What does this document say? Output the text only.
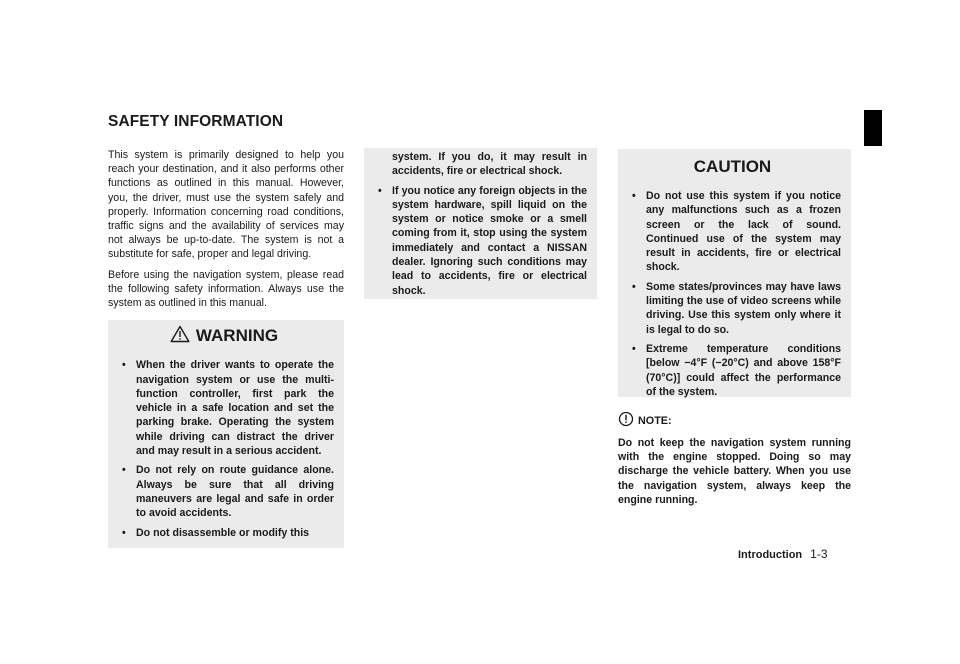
SAFETY INFORMATION

This system is primarily designed to help you reach your destination, and it also performs other functions as outlined in this manual. However, you, the driver, must use the system safely and properly. Information concerning road conditions, traffic signs and the availability of services may not always be up-to-date. The system is not a substitute for safe, proper and legal driving.

Before using the navigation system, please read the following safety information. Always use the system as outlined in this manual.

WARNING
• When the driver wants to operate the navigation system or use the multi-function controller, first park the vehicle in a safe location and set the parking brake. Operating the system while driving can distract the driver and may result in a serious accident.
• Do not rely on route guidance alone. Always be sure that all driving maneuvers are legal and safe in order to avoid accidents.
• Do not disassemble or modify this
system. If you do, it may result in accidents, fire or electrical shock.
• If you notice any foreign objects in the system hardware, spill liquid on the system or notice smoke or a smell coming from it, stop using the system immediately and contact a NISSAN dealer. Ignoring such conditions may lead to accidents, fire or electrical shock.
CAUTION
• Do not use this system if you notice any malfunctions such as a frozen screen or the lack of sound. Continued use of the system may result in accidents, fire or electrical shock.
• Some states/provinces may have laws limiting the use of video screens while driving. Use this system only where it is legal to do so.
• Extreme temperature conditions [below −4°F (−20°C) and above 158°F (70°C)] could affect the performance of the system.
NOTE:

Do not keep the navigation system running with the engine stopped. Doing so may discharge the vehicle battery. When you use the navigation system, always keep the engine running.

Introduction 1-3
